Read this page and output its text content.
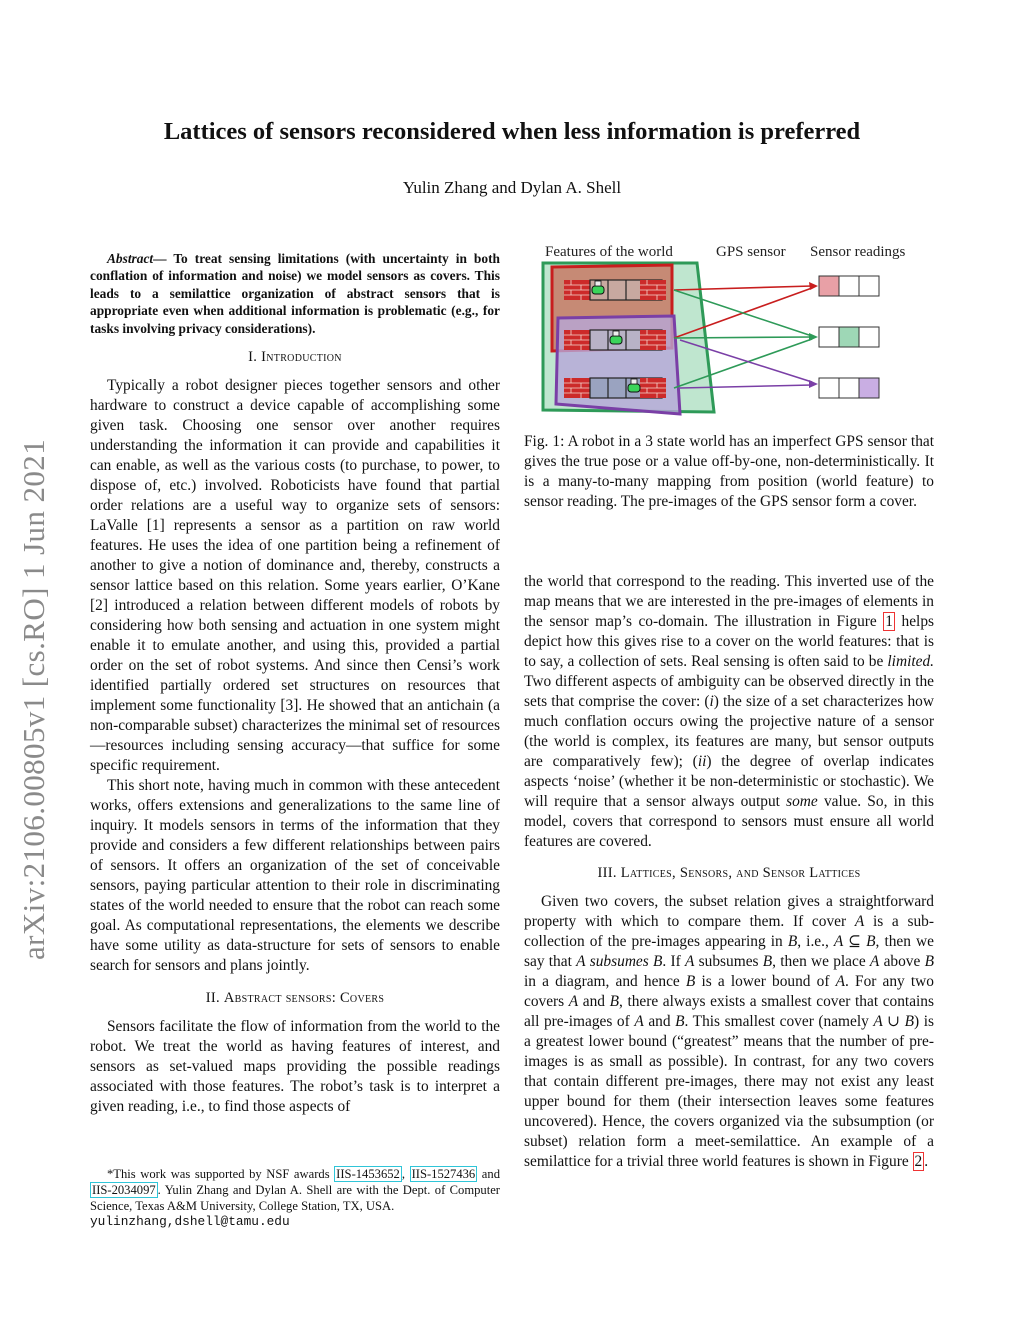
Lattices of sensors reconsidered when less information is preferred
Yulin Zhang and Dylan A. Shell
arXiv:2106.00805v1 [cs.RO] 1 Jun 2021

Abstract— To treat sensing limitations (with uncertainty in both conflation of information and noise) we model sensors as covers. This leads to a semilattice organization of abstract sensors that is appropriate even when additional information is problematic (e.g., for tasks involving privacy considerations).

I. Introduction

Typically a robot designer pieces together sensors and other hardware to construct a device capable of accomplishing some given task. Choosing one sensor over another requires understanding the information it can provide and capabilities it can enable, as well as the various costs (to purchase, to power, to dispose of, etc.) involved. Roboticists have found that partial order relations are a useful way to organize sets of sensors: LaValle [1] represents a sensor as a partition on raw world features. He uses the idea of one partition being a refinement of another to give a notion of dominance and, thereby, constructs a sensor lattice based on this relation. Some years earlier, O’Kane [2] introduced a relation between different models of robots by considering how both sensing and actuation in one system might enable it to emulate another, and using this, provided a partial order on the set of robot systems. And since then Censi’s work identified partially ordered set structures on resources that implement some functionality [3]. He showed that an antichain (a non-comparable subset) characterizes the minimal set of resources—resources including sensing accuracy—that suffice for some specific requirement.

This short note, having much in common with these antecedent works, offers extensions and generalizations to the same line of inquiry. It models sensors in terms of the information that they provide and considers a few different relationships between pairs of sensors. It offers an organization of the set of conceivable sensors, paying particular attention to their role in discriminating states of the world needed to ensure that the robot can reach some goal. As computational representations, the elements we describe have some utility as data-structure for sets of sensors to enable search for sensors and plans jointly.

II. Abstract sensors: Covers

Sensors facilitate the flow of information from the world to the robot. We treat the world as having features of interest, and sensors as set-valued maps providing the possible readings associated with those features. The robot’s task is to interpret a given reading, i.e., to find those aspects of

*This work was supported by NSF awards IIS-1453652 , IIS-1527436 and IIS-2034097 . Yulin Zhang and Dylan A. Shell are with the Dept. of Computer Science, Texas A&M University, College Station, TX, USA.

yulinzhang,dshell@tamu.edu

Features of the world	GPS sensor Sensor readings
Fig. 1: A robot in a 3 state world has an imperfect GPS sensor that gives the true pose or a value off-by-one, non-deterministically. It is a many-to-many mapping from position (world feature) to sensor reading. The pre-images of the GPS sensor form a cover.

the world that correspond to the reading. This inverted use of the map means that we are interested in the pre-images of elements in the sensor map’s co-domain. The illustration in Figure 1 helps depict how this gives rise to a cover on the world features: that is to say, a collection of sets. Real sensing is often said to be limited. Two different aspects of ambiguity can be observed directly in the sets that comprise the cover: (i) the size of a set characterizes how much conflation occurs owing the projective nature of a sensor (the world is complex, its features are many, but sensor outputs are comparatively few); (ii) the degree of overlap indicates aspects ‘noise’ (whether it be non-deterministic or stochastic). We will require that a sensor always output some value. So, in this model, covers that correspond to sensors must ensure all world features are covered.

III. Lattices, Sensors, and Sensor Lattices

Given two covers, the subset relation gives a straightforward property with which to compare them. If cover A is a sub-collection of the pre-images appearing in B, i.e., A ⊆ B, then we say that A subsumes B. If A subsumes B, then we place A above B in a diagram, and hence B is a lower bound of A. For any two covers A and B, there always exists a smallest cover that contains all pre-images of A and B. This smallest cover (namely A ∪ B) is a greatest lower bound (“greatest” means that the number of pre-images is as small as possible). In contrast, for any two covers that contain different pre-images, there may not exist any least upper bound for them (their intersection leaves some features uncovered). Hence, the covers organized via the subsumption (or subset) relation form a meet-semilattice. An example of a semilattice for a trivial three world features is shown in Figure 2 .
